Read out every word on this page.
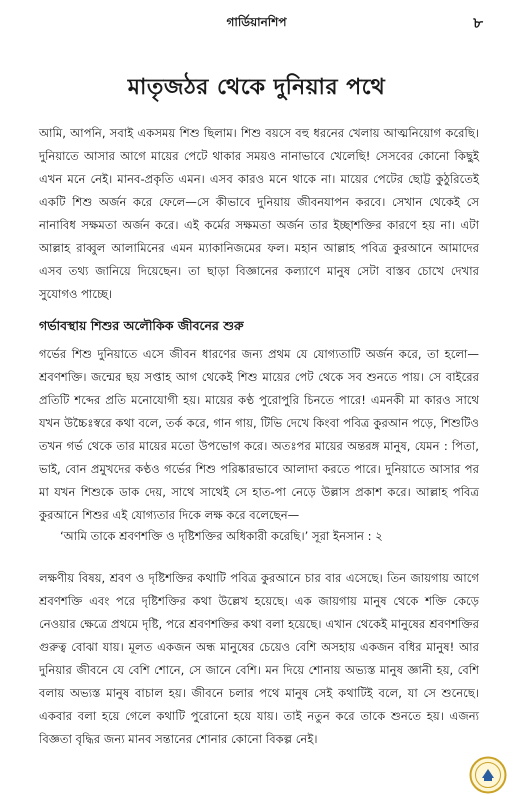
গার্ডিয়ানশিপ	৮
মাতৃজঠর থেকে দুনিয়ার পথে

আমি, আপনি, সবাই একসময় শিশু ছিলাম। শিশু বয়সে বহু ধরনের খেলায় আত্মনিয়োগ করেছি। দুনিয়াতে আসার আগে মায়ের পেটে থাকার সময়ও নানাভাবে খেলেছি! সেসবের কোনো কিছুই এখন মনে নেই। মানব-প্রকৃতি এমন। এসব কারও মনে থাকে না। মায়ের পেটের ছোট্ট কুঠুরিতেই একটি শিশু অর্জন করে ফেলে—সে কীভাবে দুনিয়ায় জীবনযাপন করবে। সেখান থেকেই সে নানাবিধ সক্ষমতা অর্জন করে। এই কর্মের সক্ষমতা অর্জন তার ইচ্ছাশক্তির কারণে হয় না। এটা আল্লাহ রাব্বুল আলামিনের এমন ম্যাকানিজমের ফল। মহান আল্লাহ পবিত্র কুরআনে আমাদের এসব তথ্য জানিয়ে দিয়েছেন। তা ছাড়া বিজ্ঞানের কল্যাণে মানুষ সেটা বাস্তব চোখে দেখার সুযোগও পাচ্ছে।

গর্ভাবস্থায় শিশুর অলৌকিক জীবনের শুরু

গর্ভের শিশু দুনিয়াতে এসে জীবন ধারণের জন্য প্রথম যে যোগ্যতাটি অর্জন করে, তা হলো—শ্রবণশক্তি। জন্মের ছয় সপ্তাহ আগ থেকেই শিশু মায়ের পেট থেকে সব শুনতে পায়। সে বাইরের প্রতিটি শব্দের প্রতি মনোযোগী হয়। মায়ের কণ্ঠ পুরোপুরি চিনতে পারে! এমনকী মা কারও সাথে যখন উচ্চৈঃস্বরে কথা বলে, তর্ক করে, গান গায়, টিভি দেখে কিংবা পবিত্র কুরআন পড়ে, শিশুটিও তখন গর্ভ থেকে তার মায়ের মতো উপভোগ করে। অতঃপর মায়ের অন্তরঙ্গ মানুষ, যেমন : পিতা, ভাই, বোন প্রমুখদের কণ্ঠও গর্ভের শিশু পরিষ্কারভাবে আলাদা করতে পারে। দুনিয়াতে আসার পর মা যখন শিশুকে ডাক দেয়, সাথে সাথেই সে হাত-পা নেড়ে উল্লাস প্রকাশ করে। আল্লাহ পবিত্র কুরআনে শিশুর এই যোগ্যতার দিকে লক্ষ করে বলেছেন—

‘আমি তাকে শ্রবণশক্তি ও দৃষ্টিশক্তির অধিকারী করেছি।’ সূরা ইনসান : ২

লক্ষণীয় বিষয়, শ্রবণ ও দৃষ্টিশক্তির কথাটি পবিত্র কুরআনে চার বার এসেছে। তিন জায়গায় আগে শ্রবণশক্তি এবং পরে দৃষ্টিশক্তির কথা উল্লেখ হয়েছে। এক জায়গায় মানুষ থেকে শক্তি কেড়ে নেওয়ার ক্ষেত্রে প্রথমে দৃষ্টি, পরে শ্রবণশক্তির কথা বলা হয়েছে। এখান থেকেই মানুষের শ্রবণশক্তির গুরুত্ব বোঝা যায়। মূলত একজন অন্ধ মানুষের চেয়েও বেশি অসহায় একজন বধির মানুষ! আর দুনিয়ার জীবনে যে বেশি শোনে, সে জানে বেশি। মন দিয়ে শোনায় অভ্যস্ত মানুষ জ্ঞানী হয়, বেশি বলায় অভ্যস্ত মানুষ বাচাল হয়। জীবনে চলার পথে মানুষ সেই কথাটিই বলে, যা সে শুনেছে। একবার বলা হয়ে গেলে কথাটি পুরোনো হয়ে যায়। তাই নতুন করে তাকে শুনতে হয়। এজন্য বিজ্ঞতা বৃদ্ধির জন্য মানব সন্তানের শোনার কোনো বিকল্প নেই।
